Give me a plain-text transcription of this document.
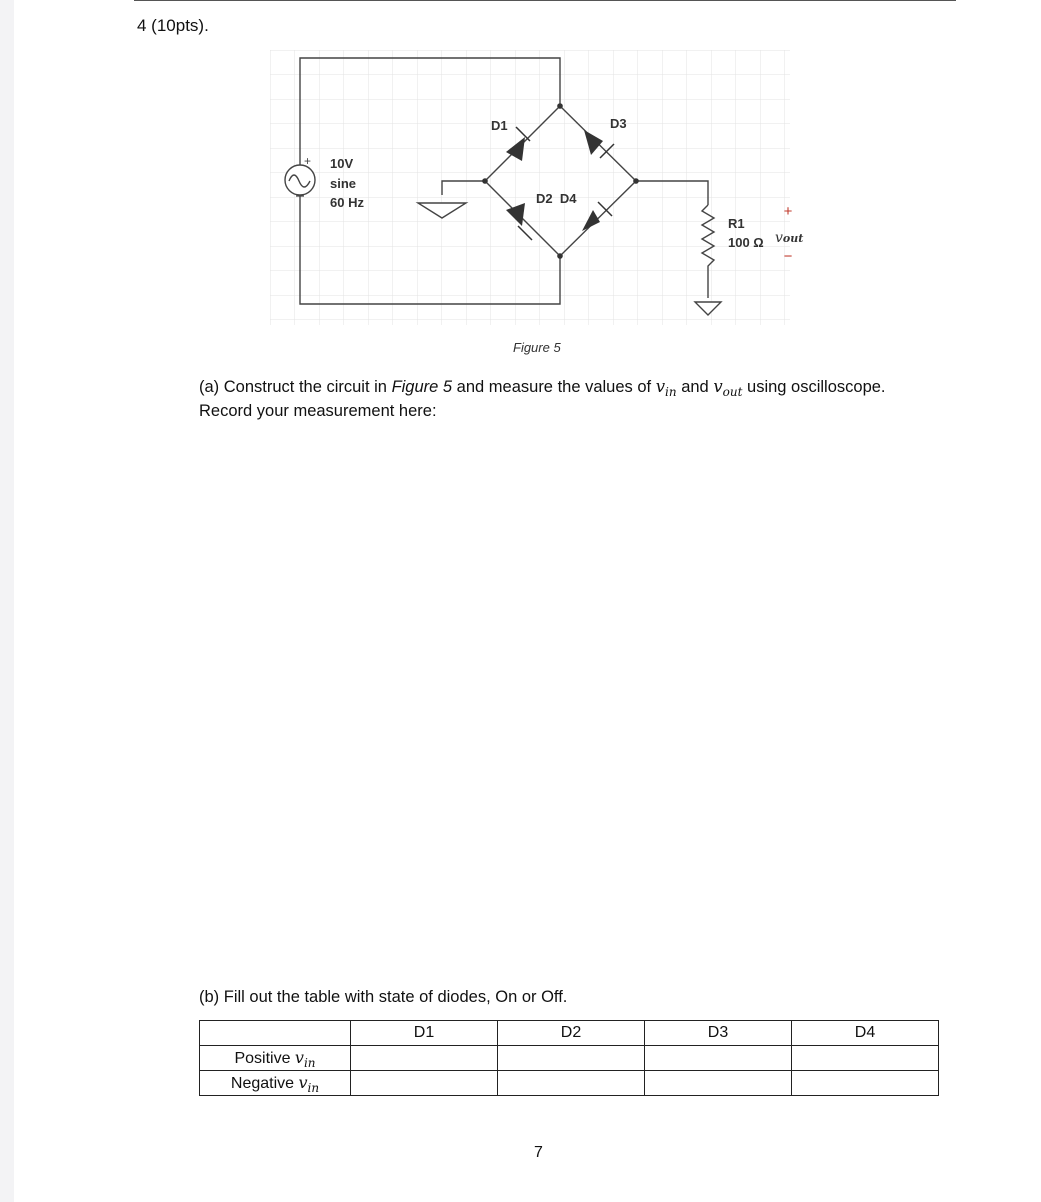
4 (10pts).
+ 10V
sine
60 Hz
D1	D3
D2  D4
R1
100 Ω
+
vout
−
Figure 5
(a) Construct the circuit in Figure 5 and measure the values of $v_{in}$ and $v_{out}$ using oscilloscope.
Record your measurement here:
(b) Fill out the table with state of diodes, On or Off.
	D1	D2	D3	D4
Positive $v_{in}$				
Negative $v_{in}$				
7
